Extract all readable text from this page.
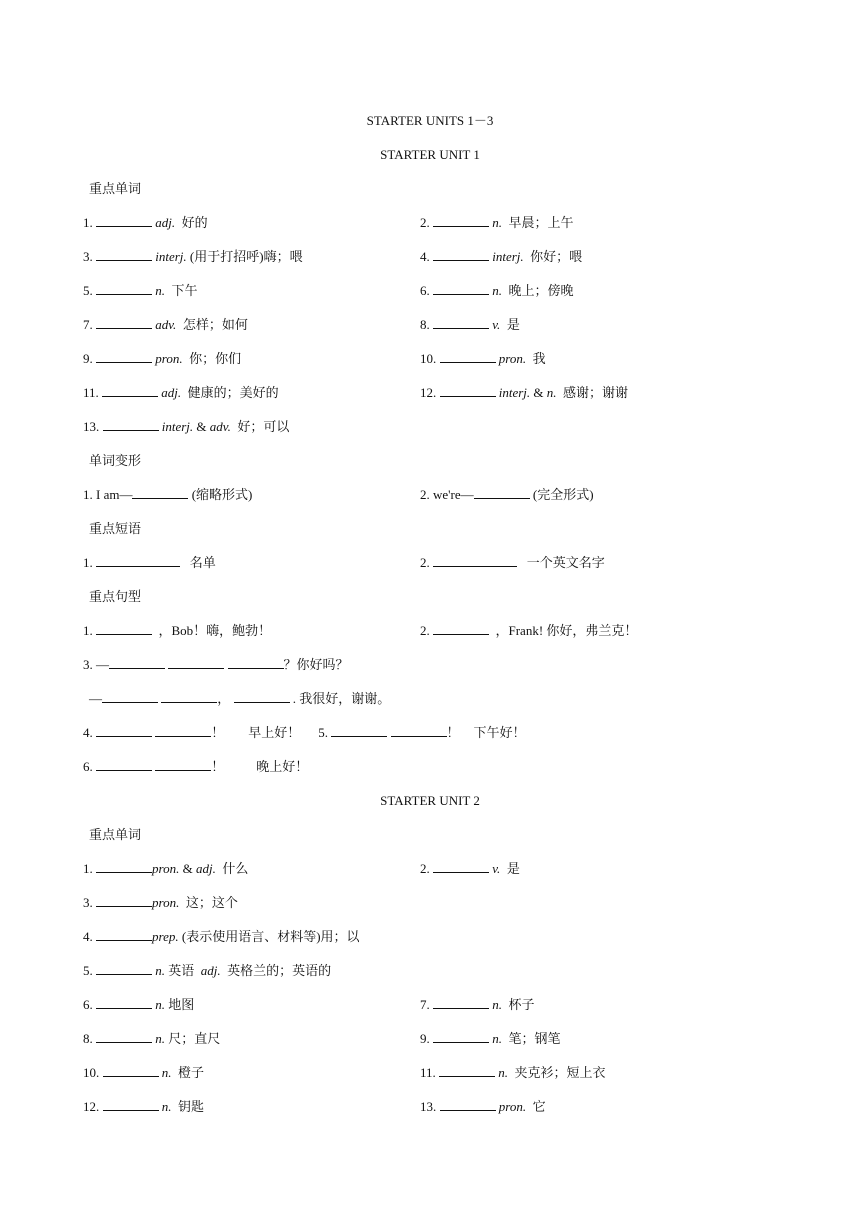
STARTER UNITS 1－3
STARTER UNIT 1
重点单词
1.	adj. 好的	2.	n. 早晨；上午
3.	interj. (用于打招呼)嗨；喂	4.	interj. 你好；喂
5.	n. 下午	6.	n. 晚上；傍晚
7.	adv. 怎样；如何	8.	v. 是
9.	pron. 你；你们	10.	pron. 我
11.	adj. 健康的；美好的	12.	interj. & n. 感谢；谢谢
13.	interj. & adv. 好；可以
单词变形
1. I am—	(缩略形式)	2. we're—	(完全形式)
重点短语
1.	名单	2.	一个英文名字
重点句型
1.	，Bob！嗨，鲍勃！	2.	，Frank! 你好，弗兰克！
3. —	？你好吗？
—	，	. 我很好，谢谢。
4.	！ 早上好！ 5.	！ 下午好！
6.	！ 晚上好！
STARTER UNIT 2
重点单词
1.	pron. & adj. 什么	2.	v. 是
3.	pron. 这；这个
4.	prep. (表示使用语言、材料等)用；以
5.	n. 英语 adj. 英格兰的；英语的
6.	n. 地图	7.	n. 杯子
8.	n. 尺；直尺	9.	n. 笔；钢笔
10.	n. 橙子	11.	n. 夹克衫；短上衣
12.	n. 钥匙	13.	pron. 它
